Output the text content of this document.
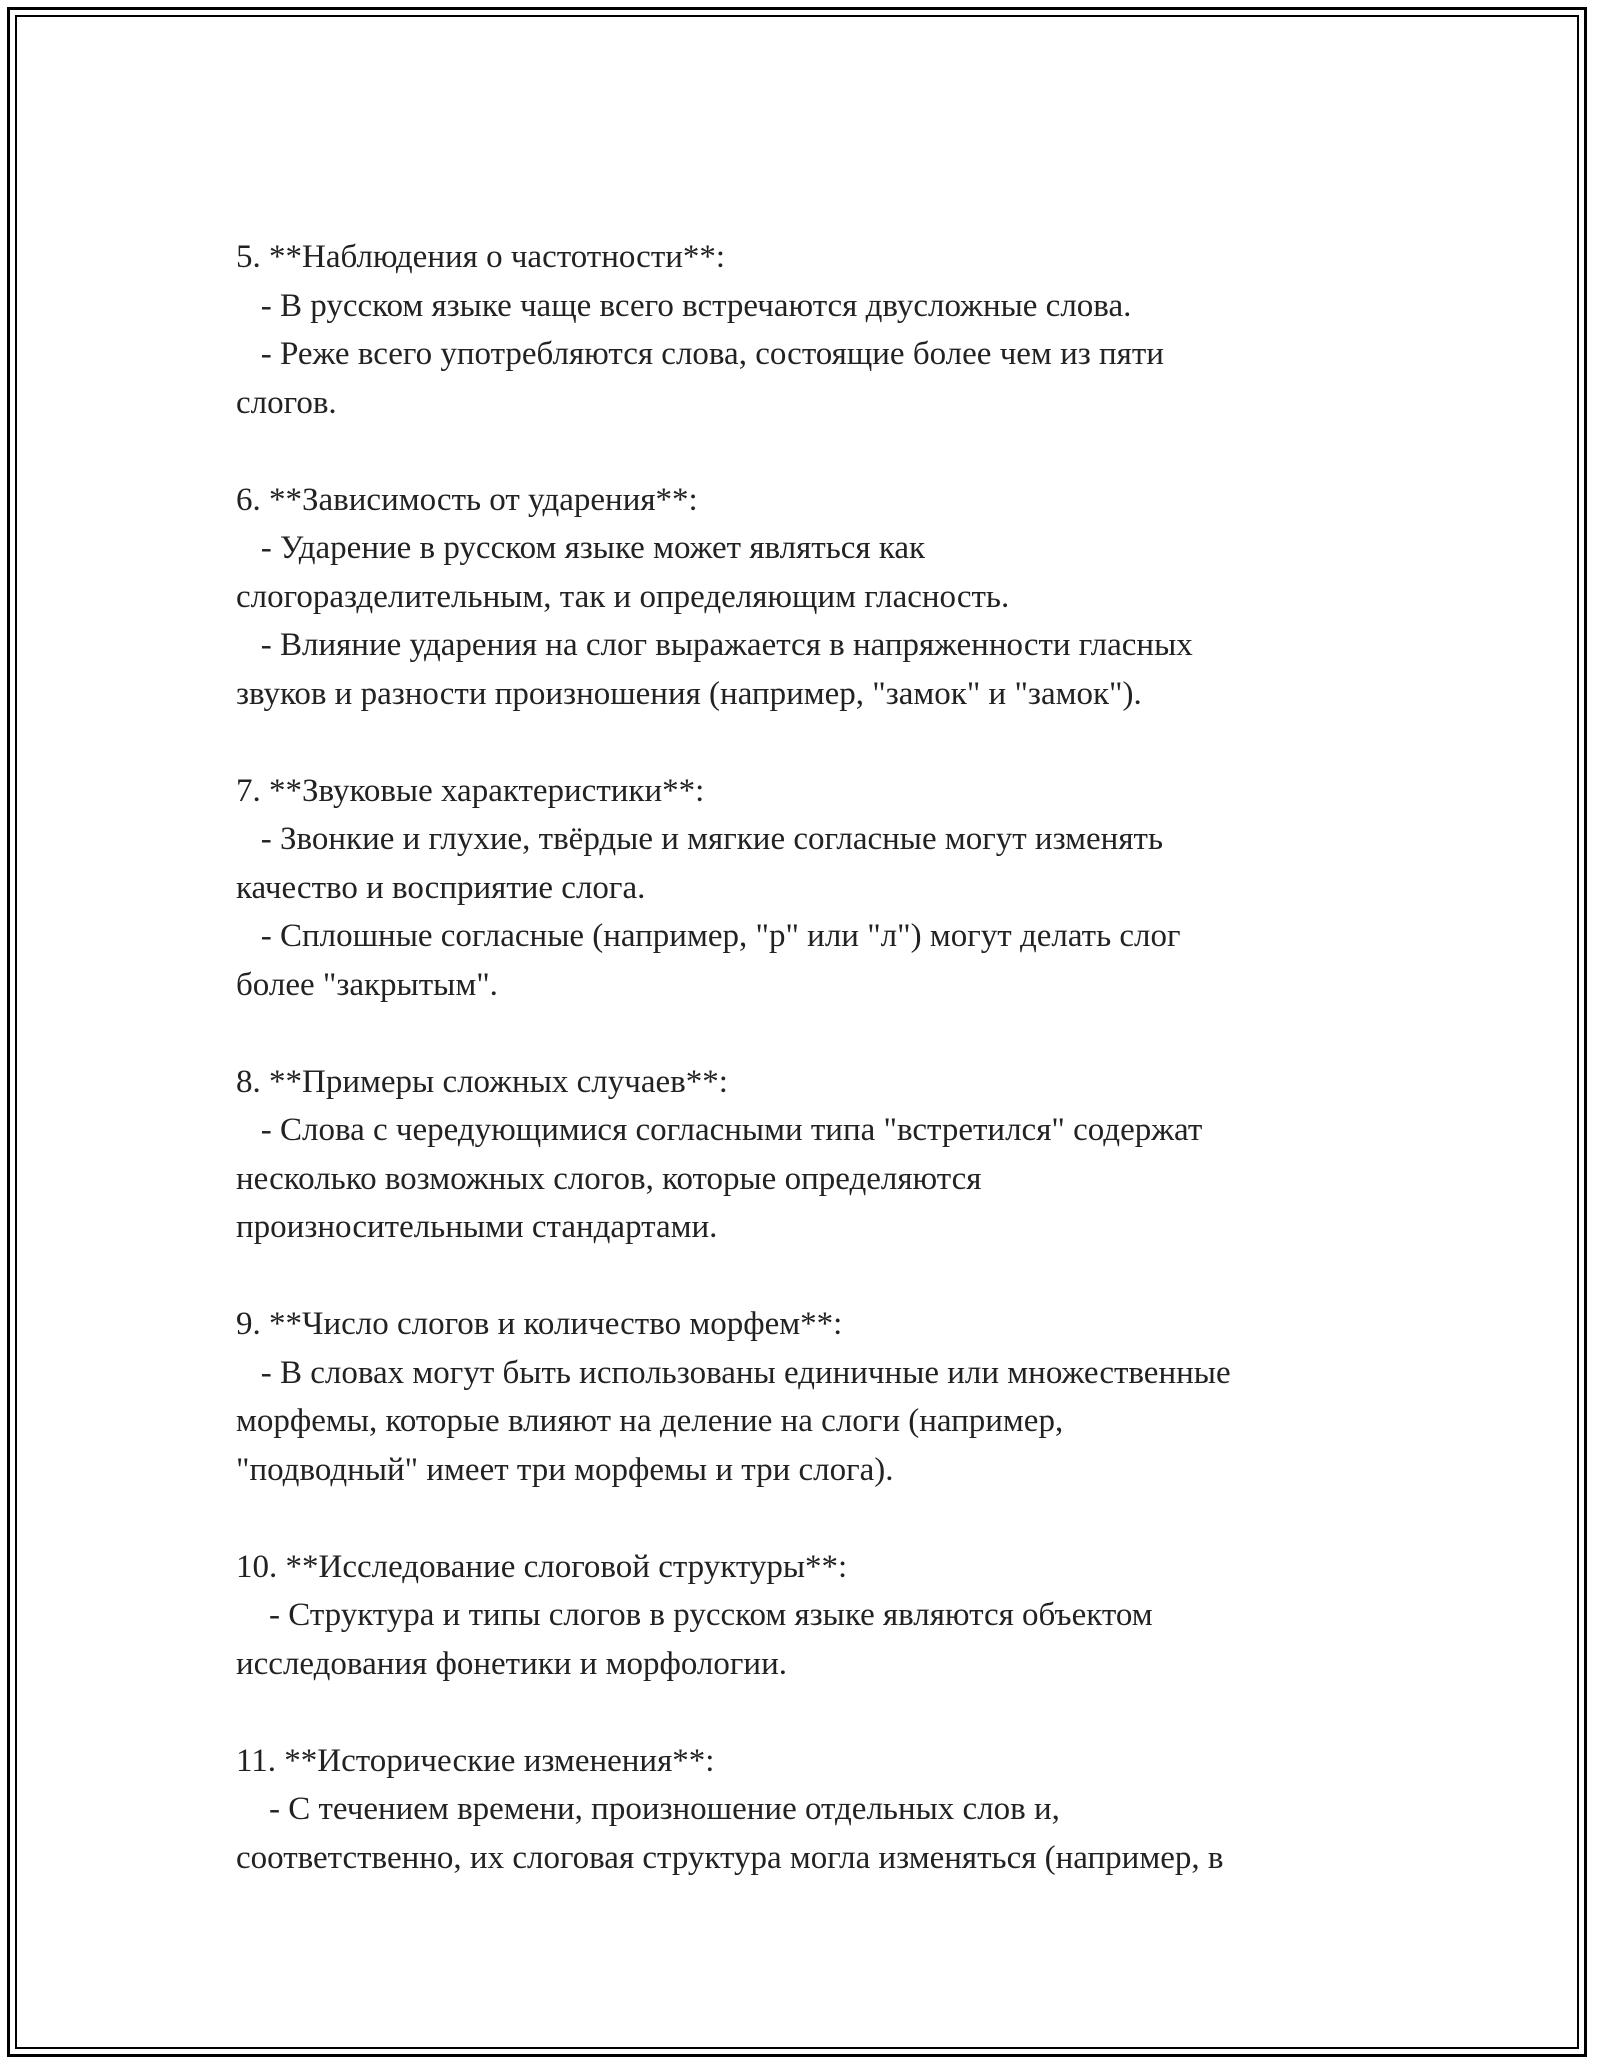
5. **Наблюдения о частотности**:
- В русском языке чаще всего встречаются двусложные слова.
- Реже всего употребляются слова, состоящие более чем из пяти
слогов.
6. **Зависимость от ударения**:
- Ударение в русском языке может являться как
слогоразделительным, так и определяющим гласность.
- Влияние ударения на слог выражается в напряженности гласных
звуков и разности произношения (например, "замок" и "замок").
7. **Звуковые характеристики**:
- Звонкие и глухие, твёрдые и мягкие согласные могут изменять
качество и восприятие слога.
- Сплошные согласные (например, "р" или "л") могут делать слог
более "закрытым".
8. **Примеры сложных случаев**:
- Слова с чередующимися согласными типа "встретился" содержат
несколько возможных слогов, которые определяются
произносительными стандартами.
9. **Число слогов и количество морфем**:
- В словах могут быть использованы единичные или множественные
морфемы, которые влияют на деление на слоги (например,
"подводный" имеет три морфемы и три слога).
10. **Исследование слоговой структуры**:
- Структура и типы слогов в русском языке являются объектом
исследования фонетики и морфологии.
11. **Исторические изменения**:
- С течением времени, произношение отдельных слов и,
соответственно, их слоговая структура могла изменяться (например, в
